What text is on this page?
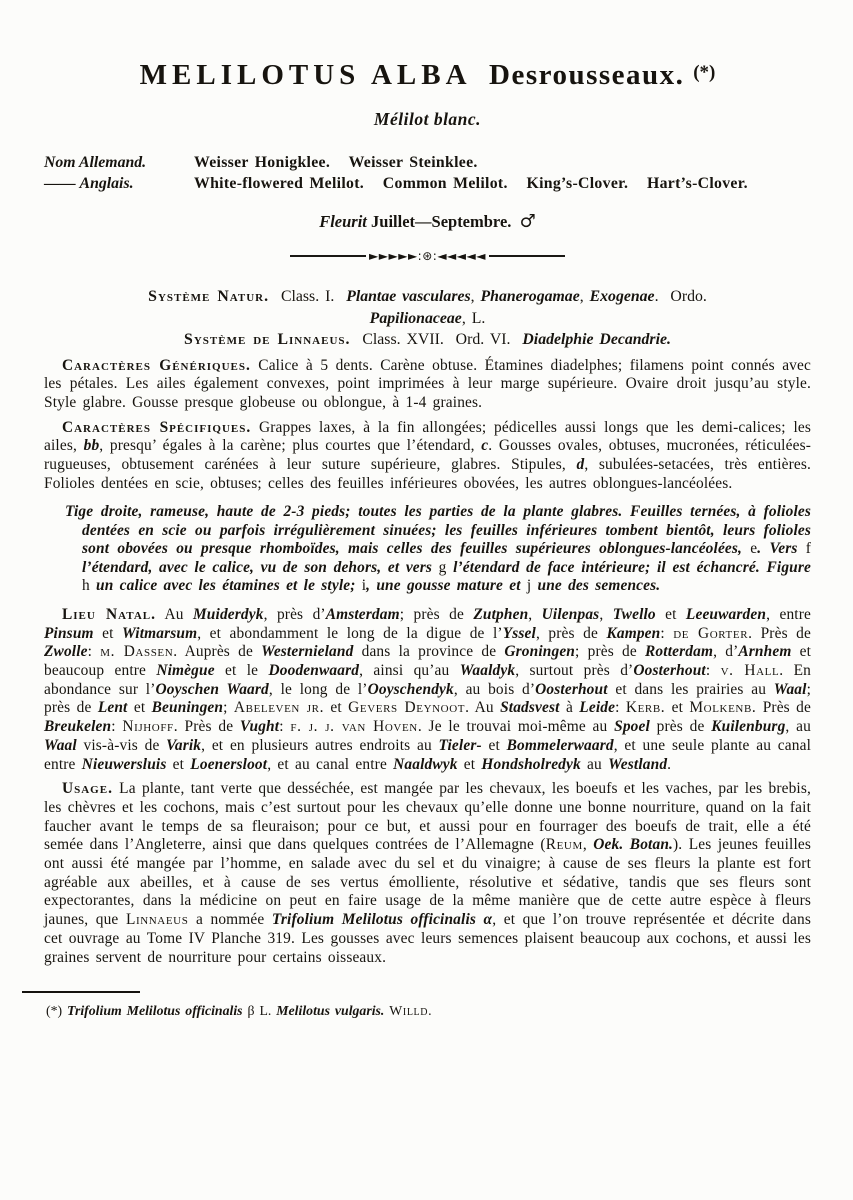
MELILOTUS ALBA  Desrousseaux. (*)
Mélilot blanc.
Nom Allemand.	Weisser Honigklee.   Weisser Steinklee.
—— Anglais.	White-flowered Melilot.   Common Melilot.   King’s-Clover.   Hart’s-Clover.
Fleurit Juillet—Septembre.  ♂
►►►►►:⊛:◄◄◄◄◄

Système Natur.  Class. I.  Plantae vasculares, Phanerogamae, Exogenae.  Ordo.

Papilionaceae, L.

Système de Linnaeus.  Class. XVII.  Ord. VI.  Diadelphie Decandrie.

Caractères Génériques. Calice à 5 dents. Carène obtuse. Étamines diadelphes; filamens point connés avec les pétales. Les ailes également convexes, point imprimées à leur marge supérieure. Ovaire droit jusqu’au style. Style glabre. Gousse presque globeuse ou oblongue, à 1-4 graines.

Caractères Spécifiques. Grappes laxes, à la fin allongées; pédicelles aussi longs que les demi-calices; les ailes, bb, presqu’ égales à la carène; plus courtes que l’étendard, c. Gousses ovales, obtuses, mucronées, réticulées-rugueuses, obtusement carénées à leur suture supérieure, glabres. Stipules, d, subulées-setacées, très entières. Folioles dentées en scie, obtuses; celles des feuilles inférieures obovées, les autres oblongues-lancéolées.

Tige droite, rameuse, haute de 2-3 pieds; toutes les parties de la plante glabres. Feuilles ternées, à folioles dentées en scie ou parfois irrégulièrement sinuées; les feuilles inférieures tombent bientôt, leurs folioles sont obovées ou presque rhomboïdes, mais celles des feuilles supérieures oblongues-lancéolées, e. Vers f l’étendard, avec le calice, vu de son dehors, et vers g l’étendard de face intérieure; il est échancré. Figure h un calice avec les étamines et le style; i, une gousse mature et j une des semences.

Lieu Natal. Au Muiderdyk, près d’Amsterdam; près de Zutphen, Uilenpas, Twello et Leeuwarden, entre Pinsum et Witmarsum, et abondamment le long de la digue de l’Yssel, près de Kampen: de Gorter. Près de Zwolle: m. Dassen. Auprès de Westernieland dans la province de Groningen; près de Rotterdam, d’Arnhem et beaucoup entre Nimègue et le Doodenwaard, ainsi qu’au Waaldyk, surtout près d’Oosterhout: v. Hall. En abondance sur l’Ooyschen Waard, le long de l’Ooyschendyk, au bois d’Oosterhout et dans les prairies au Waal; près de Lent et Beuningen; Abeleven jr. et Gevers Deynoot. Au Stadsvest à Leide: Kerb. et Molkenb. Près de Breukelen: Nijhoff. Près de Vught: f. j. j. van Hoven. Je le trouvai moi-même au Spoel près de Kuilenburg, au Waal vis-à-vis de Varik, et en plusieurs autres endroits au Tieler- et Bommelerwaard, et une seule plante au canal entre Nieuwersluis et Loenersloot, et au canal entre Naaldwyk et Hondsholredyk au Westland.

Usage. La plante, tant verte que desséchée, est mangée par les chevaux, les boeufs et les vaches, par les brebis, les chèvres et les cochons, mais c’est surtout pour les chevaux qu’elle donne une bonne nourriture, quand on la fait faucher avant le temps de sa fleuraison; pour ce but, et aussi pour en fourrager des boeufs de trait, elle a été semée dans l’Angleterre, ainsi que dans quelques contrées de l’Allemagne (Reum, Oek. Botan.). Les jeunes feuilles ont aussi été mangée par l’homme, en salade avec du sel et du vinaigre; à cause de ses fleurs la plante est fort agréable aux abeilles, et à cause de ses vertus émolliente, résolutive et sédative, tandis que ses fleurs sont expectorantes, dans la médicine on peut en faire usage de la même manière que de cette autre espèce à fleurs jaunes, que Linnaeus a nommée Trifolium Melilotus officinalis α, et que l’on trouve représentée et décrite dans cet ouvrage au Tome IV Planche 319. Les gousses avec leurs semences plaisent beaucoup aux cochons, et aussi les graines servent de nourriture pour certains oisseaux.

(*) Trifolium Melilotus officinalis β L. Melilotus vulgaris. Willd.
